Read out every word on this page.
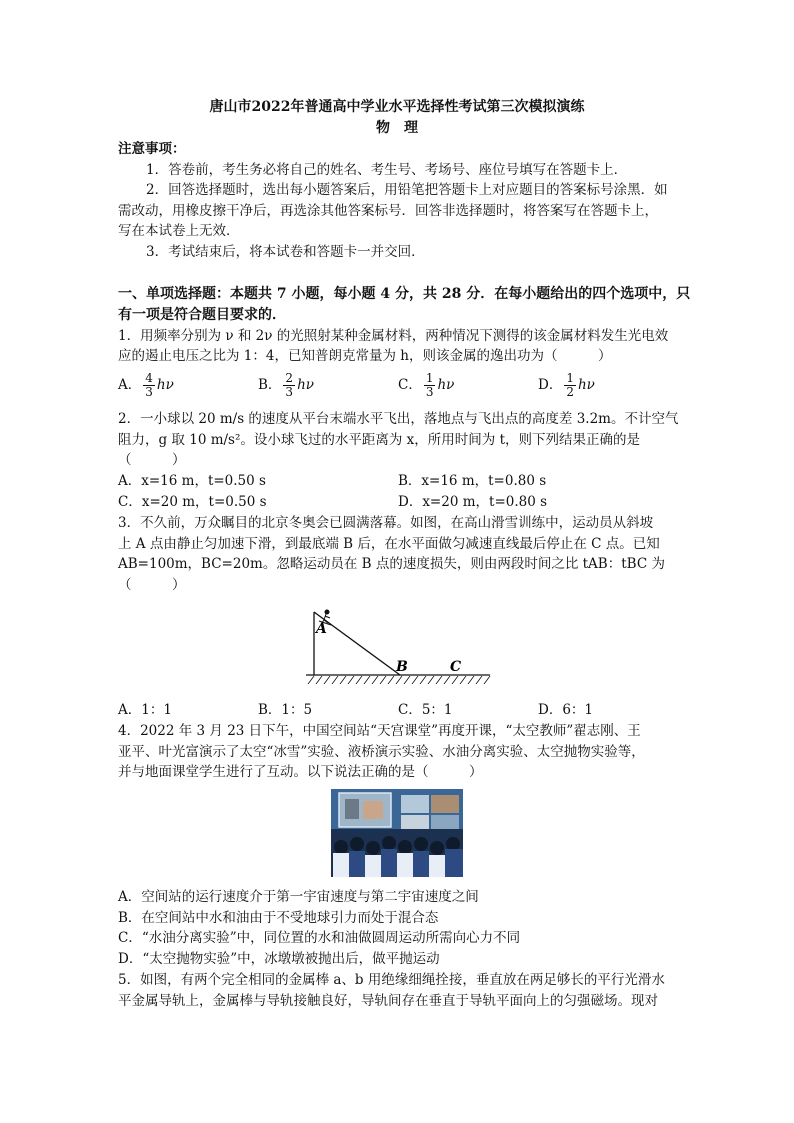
唐山市2022年普通高中学业水平选择性考试第三次模拟演练
物　理
注意事项：
1．答卷前，考生务必将自己的姓名、考生号、考场号、座位号填写在答题卡上．
2．回答选择题时，选出每小题答案后，用铅笔把答题卡上对应题目的答案标号涂黑．如
需改动，用橡皮擦干净后，再选涂其他答案标号．回答非选择题时，将答案写在答题卡上，
写在本试卷上无效．
3．考试结束后，将本试卷和答题卡一并交回．
一、单项选择题：本题共 7 小题，每小题 4 分，共 28 分．在每小题给出的四个选项中，只
有一项是符合题目要求的．
1．用频率分别为 ν 和 2ν 的光照射某种金属材料，两种情况下测得的该金属材料发生光电效
应的遏止电压之比为 1：4，已知普朗克常量为 h，则该金属的逸出功为（　　　）
A． $\frac{4}{3}$ hν	B． $\frac{2}{3}$ hν	C． $\frac{1}{3}$ hν	D． $\frac{1}{2}$ hν
2．一小球以 20 m/s 的速度从平台末端水平飞出，落地点与飞出点的高度差 3.2m。不计空气
阻力，g 取 10 m/s²。设小球飞过的水平距离为 x，所用时间为 t，则下列结果正确的是
（　　　）
A．x=16 m，t=0.50 s	B．x=16 m，t=0.80 s
C．x=20 m，t=0.50 s	D．x=20 m，t=0.80 s
3．不久前，万众瞩目的北京冬奥会已圆满落幕。如图，在高山滑雪训练中，运动员从斜坡
上 A 点由静止匀加速下滑，到最底端 B 后，在水平面做匀减速直线最后停止在 C 点。已知
AB=100m，BC=20m。忽略运动员在 B 点的速度损失，则由两段时间之比 tAB：tBC 为
（　　　）
A
B	C
A．1：1	B．1：5	C．5：1	D．6：1
4．2022 年 3 月 23 日下午，中国空间站“天宫课堂”再度开课，“太空教师”翟志刚、王
亚平、叶光富演示了太空“冰雪”实验、液桥演示实验、水油分离实验、太空抛物实验等，
并与地面课堂学生进行了互动。以下说法正确的是（　　　）
A．空间站的运行速度介于第一宇宙速度与第二宇宙速度之间
B．在空间站中水和油由于不受地球引力而处于混合态
C．“水油分离实验”中，同位置的水和油做圆周运动所需向心力不同
D．“太空抛物实验”中，冰墩墩被抛出后，做平抛运动
5．如图，有两个完全相同的金属棒 a、b 用绝缘细绳拴接，垂直放在两足够长的平行光滑水
平金属导轨上，金属棒与导轨接触良好，导轨间存在垂直于导轨平面向上的匀强磁场。现对
